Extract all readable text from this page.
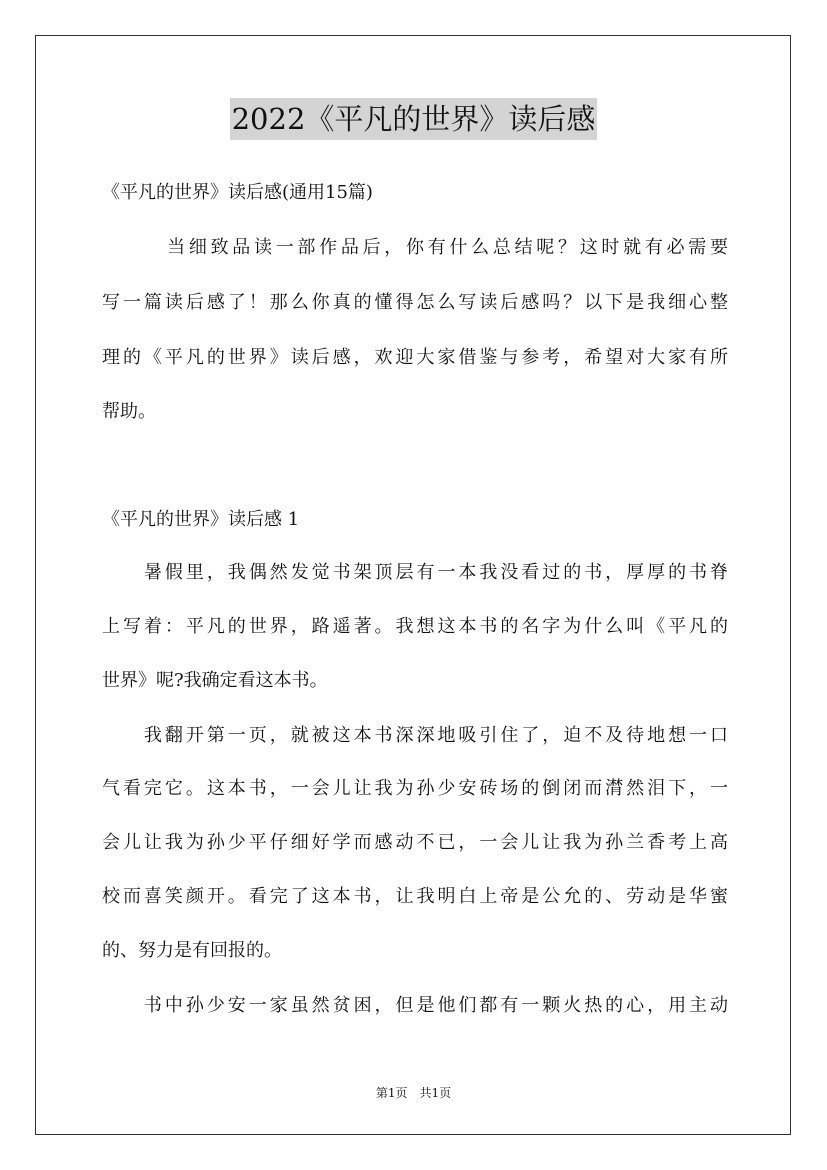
2022《平凡的世界》读后感
《平凡的世界》读后感(通用15篇)
　　　当细致品读一部作品后，你有什么总结呢？这时就有必需要
写一篇读后感了！那么你真的懂得怎么写读后感吗？以下是我细心整
理的《平凡的世界》读后感，欢迎大家借鉴与参考，希望对大家有所
帮助。
《平凡的世界》读后感 1
　　暑假里，我偶然发觉书架顶层有一本我没看过的书，厚厚的书脊
上写着：平凡的世界，路遥著。我想这本书的名字为什么叫《平凡的
世界》呢?我确定看这本书。
　　我翻开第一页，就被这本书深深地吸引住了，迫不及待地想一口
气看完它。这本书，一会儿让我为孙少安砖场的倒闭而潸然泪下，一
会儿让我为孙少平仔细好学而感动不已，一会儿让我为孙兰香考上高
校而喜笑颜开。看完了这本书，让我明白上帝是公允的、劳动是华蜜
的、努力是有回报的。
　　书中孙少安一家虽然贫困，但是他们都有一颗火热的心，用主动
第1页　共1页
